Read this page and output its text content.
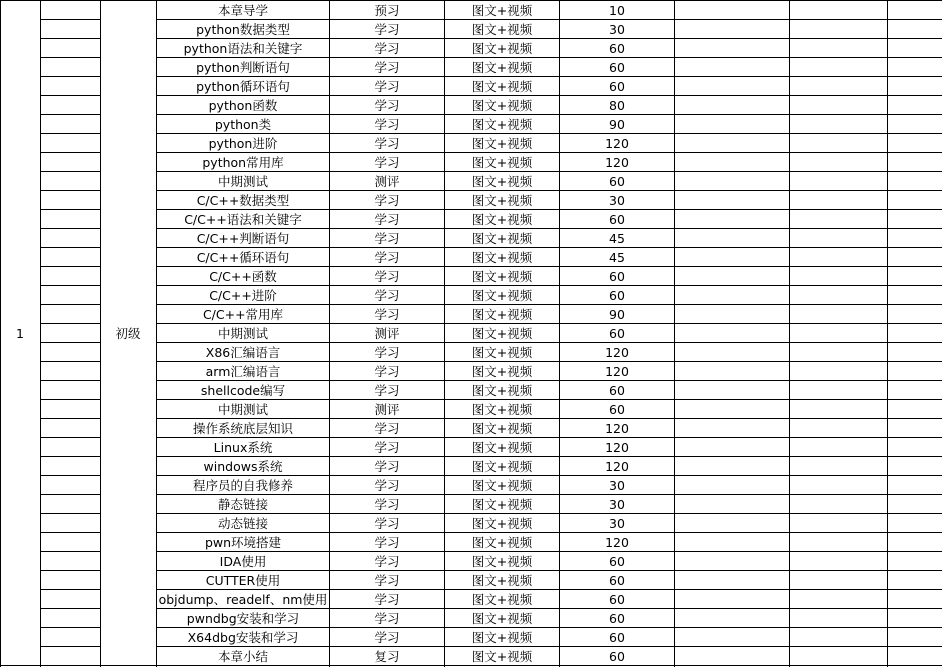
1	初级
本章导学	预习	图文+视频	10
python数据类型	学习	图文+视频	30
python语法和关键字	学习	图文+视频	60
python判断语句	学习	图文+视频	60
python循环语句	学习	图文+视频	60
python函数	学习	图文+视频	80
python类	学习	图文+视频	90
python进阶	学习	图文+视频	120
python常用库	学习	图文+视频	120
中期测试	测评	图文+视频	60
C/C++数据类型	学习	图文+视频	30
C/C++语法和关键字	学习	图文+视频	60
C/C++判断语句	学习	图文+视频	45
C/C++循环语句	学习	图文+视频	45
C/C++函数	学习	图文+视频	60
C/C++进阶	学习	图文+视频	60
C/C++常用库	学习	图文+视频	90
中期测试	测评	图文+视频	60
X86汇编语言	学习	图文+视频	120
arm汇编语言	学习	图文+视频	120
shellcode编写	学习	图文+视频	60
中期测试	测评	图文+视频	60
操作系统底层知识	学习	图文+视频	120
Linux系统	学习	图文+视频	120
windows系统	学习	图文+视频	120
程序员的自我修养	学习	图文+视频	30
静态链接	学习	图文+视频	30
动态链接	学习	图文+视频	30
pwn环境搭建	学习	图文+视频	120
IDA使用	学习	图文+视频	60
CUTTER使用	学习	图文+视频	60
objdump、readelf、nm使用	学习	图文+视频	60
pwndbg安装和学习	学习	图文+视频	60
X64dbg安装和学习	学习	图文+视频	60
本章小结	复习	图文+视频	60
